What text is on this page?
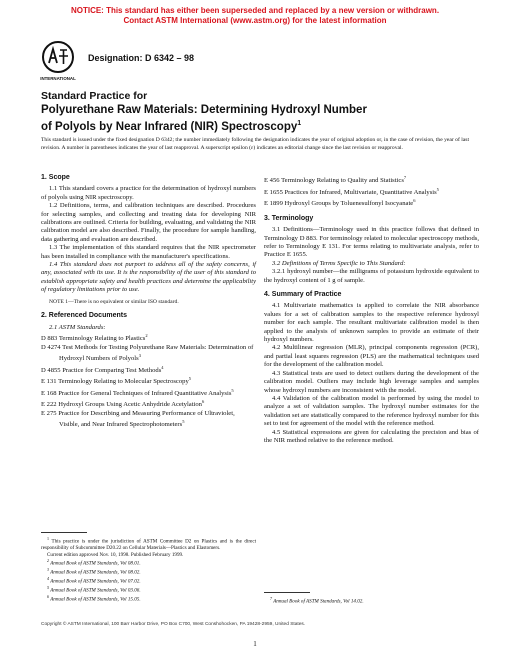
NOTICE: This standard has either been superseded and replaced by a new version or withdrawn.
Contact ASTM International (www.astm.org) for the latest information
INTERNATIONAL
Designation: D 6342 – 98
Standard Practice for
Polyurethane Raw Materials: Determining Hydroxyl Number
of Polyols by Near Infrared (NIR) Spectroscopy$^1$
This standard is issued under the fixed designation D 6342; the number immediately following the designation indicates the year of original adoption or, in the case of revision, the year of last revision. A number in parentheses indicates the year of last reapproval. A superscript epsilon (ε) indicates an editorial change since the last revision or reapproval.

1. Scope

1.1 This standard covers a practice for the determination of hydroxyl numbers of polyols using NIR spectroscopy.

1.2 Definitions, terms, and calibration techniques are described. Procedures for selecting samples, and collecting and treating data for developing NIR calibrations are outlined. Criteria for building, evaluating, and validating the NIR calibration model are also described. Finally, the procedure for sample handling, data gathering and evaluation are described.

1.3 The implementation of this standard requires that the NIR spectrometer has been installed in compliance with the manufacturer's specifications.

1.4 This standard does not purport to address all of the safety concerns, if any, associated with its use. It is the responsibility of the user of this standard to establish appropriate safety and health practices and determine the applicability of regulatory limitations prior to use.

NOTE 1—There is no equivalent or similar ISO standard.

2. Referenced Documents

2.1 ASTM Standards:

D 883 Terminology Relating to Plastics$^2$

D 4274 Test Methods for Testing Polyurethane Raw Materials: Determination of Hydroxyl Numbers of Polyols$^3$

D 4855 Practice for Comparing Test Methods$^4$

E 131 Terminology Relating to Molecular Spectroscopy$^5$

E 168 Practice for General Techniques of Infrared Quantitative Analysis$^5$

E 222 Hydroxyl Groups Using Acetic Anhydride Acetylation$^6$

E 275 Practice for Describing and Measuring Performance of Ultraviolet, Visible, and Near Infrared Spectrophotometers$^5$

$^1$ This practice is under the jurisdiction of ASTM Committee D2 on Plastics and is the direct responsibility of Subcommittee D20.22 on Cellular Materials—Plastics and Elastomers.

Current edition approved Nov. 10, 1998. Published February 1999.

$^2$ Annual Book of ASTM Standards, Vol 08.01.

$^3$ Annual Book of ASTM Standards, Vol 08.02.

$^4$ Annual Book of ASTM Standards, Vol 07.02.

$^5$ Annual Book of ASTM Standards, Vol 03.06.

$^6$ Annual Book of ASTM Standards, Vol 15.05.

E 456 Terminology Relating to Quality and Statistics$^7$

E 1655 Practices for Infrared, Multivariate, Quantitative Analysis$^5$

E 1899 Hydroxyl Groups by Toluenesulfonyl Isocyanate$^6$

3. Terminology

3.1 Definitions—Terminology used in this practice follows that defined in Terminology D 883. For terminology related to molecular spectroscopy methods, refer to Terminology E 131. For terms relating to multivariate analysis, refer to Practice E 1655.

3.2 Definitions of Terms Specific to This Standard:

3.2.1 hydroxyl number—the milligrams of potassium hydroxide equivalent to the hydroxyl content of 1 g of sample.

4. Summary of Practice

4.1 Multivariate mathematics is applied to correlate the NIR absorbance values for a set of calibration samples to the respective reference hydroxyl number for each sample. The resultant multivariate calibration model is then applied to the analysis of unknown samples to provide an estimate of their hydroxyl numbers.

4.2 Multilinear regression (MLR), principal components regression (PCR), and partial least squares regression (PLS) are the mathematical techniques used for the development of the calibration model.

4.3 Statistical tests are used to detect outliers during the development of the calibration model. Outliers may include high leverage samples and samples whose hydroxyl numbers are inconsistent with the model.

4.4 Validation of the calibration model is performed by using the model to analyze a set of validation samples. The hydroxyl number estimates for the validation set are statistically compared to the reference hydroxyl number for this set to test for agreement of the model with the reference method.

4.5 Statistical expressions are given for calculating the precision and bias of the NIR method relative to the reference method.

$^7$ Annual Book of ASTM Standards, Vol 14.02.

Copyright © ASTM International, 100 Barr Harbor Drive, PO Box C700, West Conshohocken, PA 19428-2959, United States.
1
